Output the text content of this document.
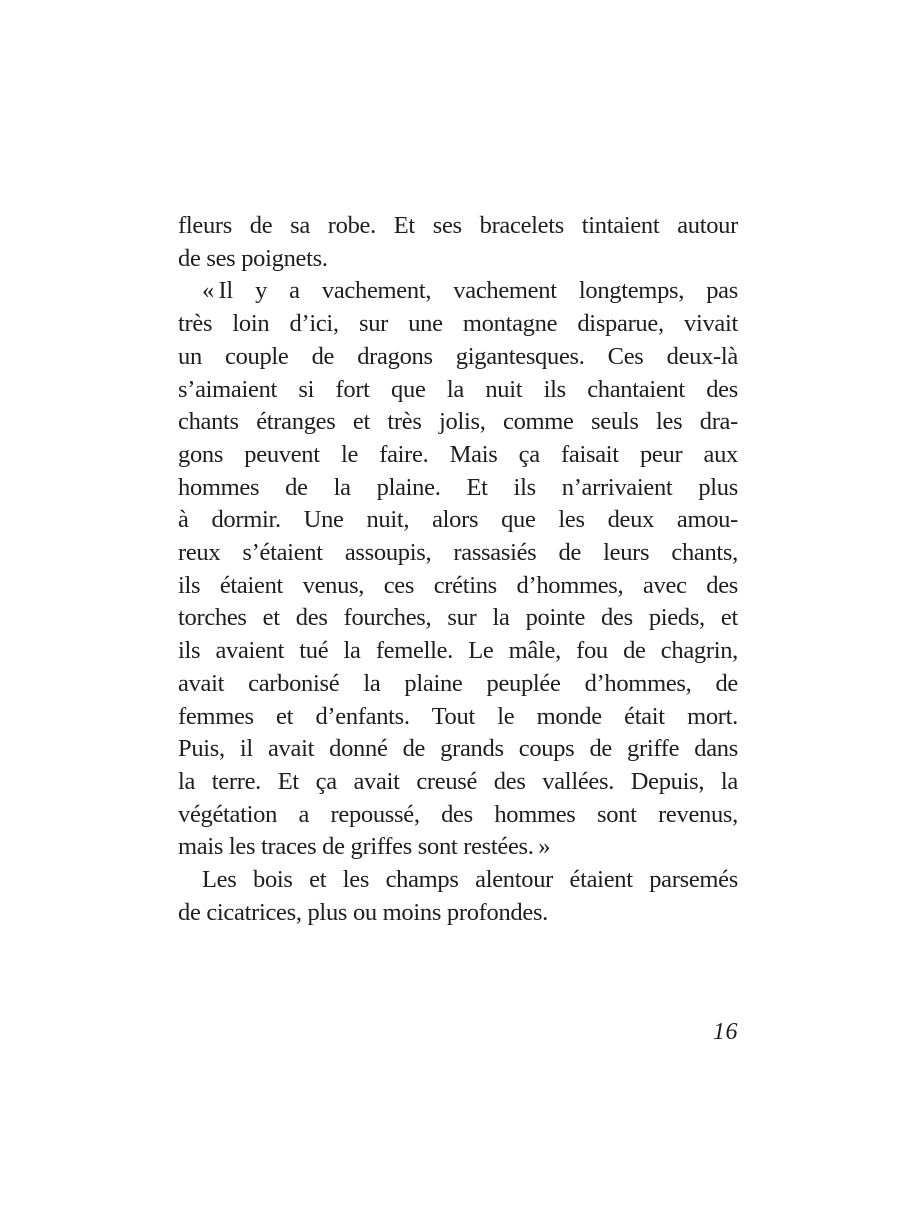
fleurs de sa robe. Et ses bracelets tintaient autour
de ses poignets.
« Il y a vachement, vachement longtemps, pas
très loin d’ici, sur une montagne disparue, vivait
un couple de dragons gigantesques. Ces deux-là
s’aimaient si fort que la nuit ils chantaient des
chants étranges et très jolis, comme seuls les dra-
gons peuvent le faire. Mais ça faisait peur aux
hommes de la plaine. Et ils n’arrivaient plus
à dormir. Une nuit, alors que les deux amou-
reux s’étaient assoupis, rassasiés de leurs chants,
ils étaient venus, ces crétins d’hommes, avec des
torches et des fourches, sur la pointe des pieds, et
ils avaient tué la femelle. Le mâle, fou de chagrin,
avait carbonisé la plaine peuplée d’hommes, de
femmes et d’enfants. Tout le monde était mort.
Puis, il avait donné de grands coups de griffe dans
la terre. Et ça avait creusé des vallées. Depuis, la
végétation a repoussé, des hommes sont revenus,
mais les traces de griffes sont restées. »
Les bois et les champs alentour étaient parsemés
de cicatrices, plus ou moins profondes.
16
